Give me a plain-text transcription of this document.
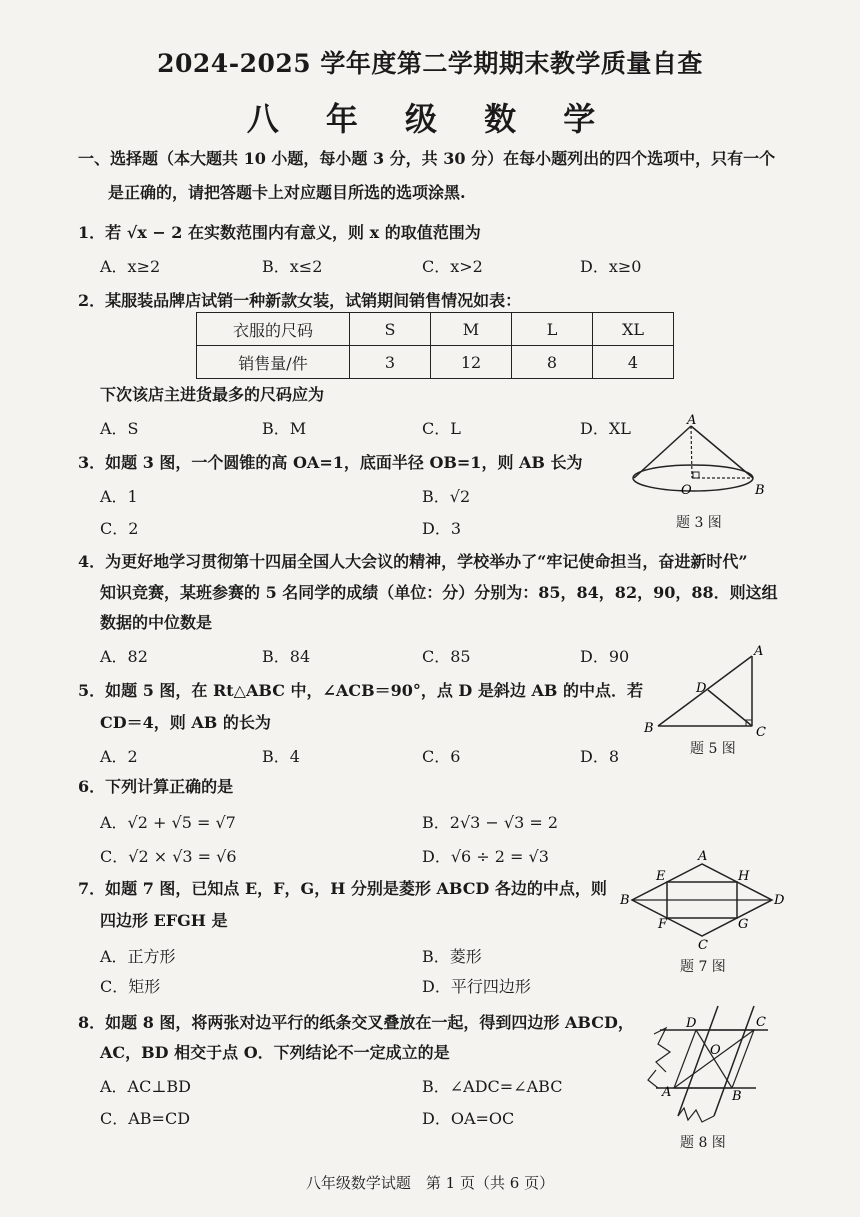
2024-2025 学年度第二学期期末教学质量自查
八 年 级 数 学
一、选择题（本大题共 10 小题，每小题 3 分，共 30 分）在每小题列出的四个选项中，只有一个
是正确的，请把答题卡上对应题目所选的选项涂黑.
1．若 √x − 2 在实数范围内有意义，则 x 的取值范围为
A．x≥2	B．x≤2	C．x>2	D．x≥0
2．某服装品牌店试销一种新款女装，试销期间销售情况如表：
衣服的尺码	S	M	L	XL
销售量/件	3	12	8	4
下次该店主进货最多的尺码应为
A．S	B．M	C．L	D．XL
3．如题 3 图，一个圆锥的高 OA=1，底面半径 OB=1，则 AB 长为
A．1	B．√2
C．2	D．3
A
O	B
题 3 图
4．为更好地学习贯彻第十四届全国人大会议的精神，学校举办了“牢记使命担当，奋进新时代”
知识竞赛，某班参赛的 5 名同学的成绩（单位：分）分别为：85，84，82，90，88．则这组
数据的中位数是
A．82	B．84	C．85	D．90
5．如题 5 图，在 Rt△ABC 中，∠ACB＝90°，点 D 是斜边 AB 的中点．若
CD＝4，则 AB 的长为
A．2	B．4	C．6	D．8
A
D
B	C
题 5 图
6．下列计算正确的是
A．√2 + √5 = √7	B．2√3 − √3 = 2
C．√2 × √3 = √6	D．√6 ÷ 2 = √3
7．如题 7 图，已知点 E，F，G，H 分别是菱形 ABCD 各边的中点，则
四边形 EFGH 是
A．正方形	B．菱形
C．矩形	D．平行四边形
A
E	H
B	D
F	G
C
题 7 图
8．如题 8 图，将两张对边平行的纸条交叉叠放在一起，得到四边形 ABCD，
AC，BD 相交于点 O．下列结论不一定成立的是
A．AC⊥BD	B．∠ADC=∠ABC
C．AB=CD	D．OA=OC
D	C
O
A	B
题 8 图
八年级数学试题　第 1 页（共 6 页）
